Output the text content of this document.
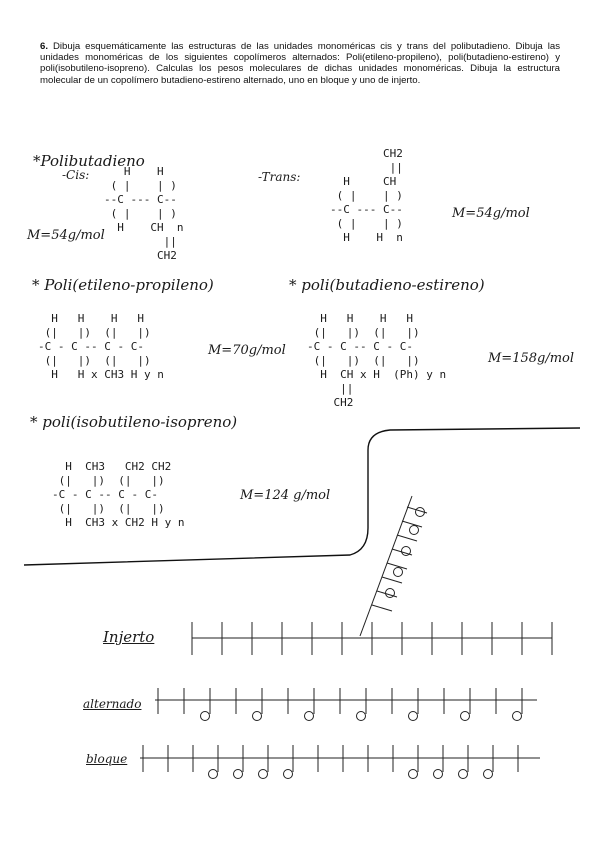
6. Dibuja esquemáticamente las estructuras de las unidades monoméricas cis y trans del polibutadieno. Dibuja las unidades monoméricas de los siguientes copolímeros alternados: Poli(etileno-propileno), poli(butadieno-estireno) y poli(isobutileno-isopreno). Calculas los pesos moleculares de dichas unidades monoméricas. Dibuja la estructura molecular de un copolímero butadieno-estireno alternado, uno en bloque y uno de injerto.
*Polibutadieno
-Cis:	-Trans:
M=54g/mol
M=54g/mol
H    H
( |    | )
--C --- C--
( |    | )
H    CH  n
||
CH2
CH2
||
H     CH
( |    | )
--C --- C--
( |    | )
H    H  n
* Poli(etileno-propileno)
H   H    H   H
(|   |)  (|   |)
-C - C -- C - C-
(|   |)  (|   |)
H   H x CH3 H y n
M=70g/mol
* poli(butadieno-estireno)
H   H    H   H
(|   |)  (|   |)
-C - C -- C - C-
(|   |)  (|   |)
H  CH x H  (Ph) y n
||
CH2
M=158g/mol
* poli(isobutileno-isopreno)
H  CH3   CH2 CH2
(|   |)  (|   |)
-C - C -- C - C-
(|   |)  (|   |)
H  CH3 x CH2 H y n
M=124 g/mol
Injerto
alternado
bloque
